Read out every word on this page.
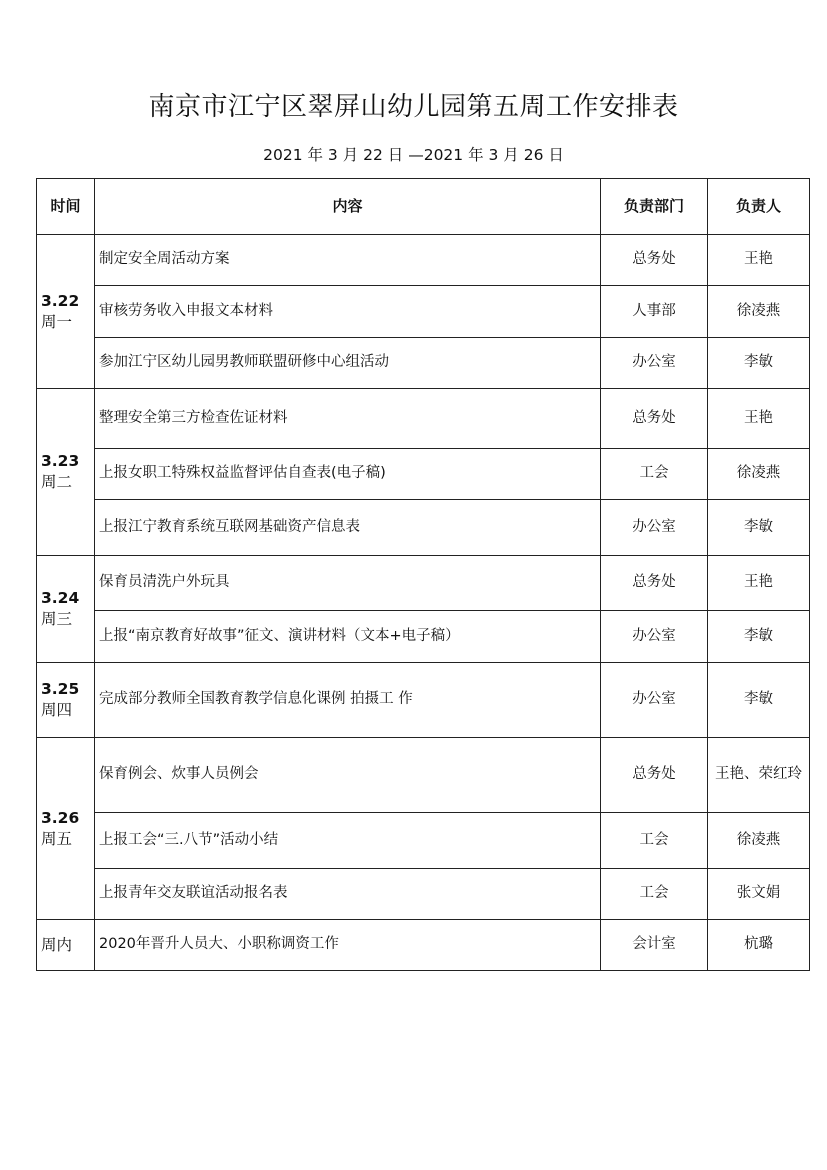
南京市江宁区翠屏山幼儿园第五周工作安排表
2021 年 3 月 22 日 —2021 年 3 月 26 日
时间	内容	负责部门	负责人

3.22
周一	制定安全周活动方案	总务处	王艳
	审核劳务收入申报文本材料	人事部	徐凌燕
	参加江宁区幼儿园男教师联盟研修中心组活动	办公室	李敏

3.23
周二	整理安全第三方检查佐证材料	总务处	王艳
	上报女职工特殊权益监督评估自查表(电子稿)	工会	徐凌燕
	上报江宁教育系统互联网基础资产信息表	办公室	李敏

3.24
周三	保育员清洗户外玩具	总务处	王艳
	上报“南京教育好故事”征文、演讲材料（文本+电子稿）	办公室	李敏

3.25
周四	完成部分教师全国教育教学信息化课例 拍摄工 作	办公室	李敏

3.26
周五	保育例会、炊事人员例会	总务处	王艳、荣红玲
	上报工会“三.八节”活动小结	工会	徐凌燕
	上报青年交友联谊活动报名表	工会	张文娟

周内	2020年晋升人员大、小职称调资工作	会计室	杭璐
